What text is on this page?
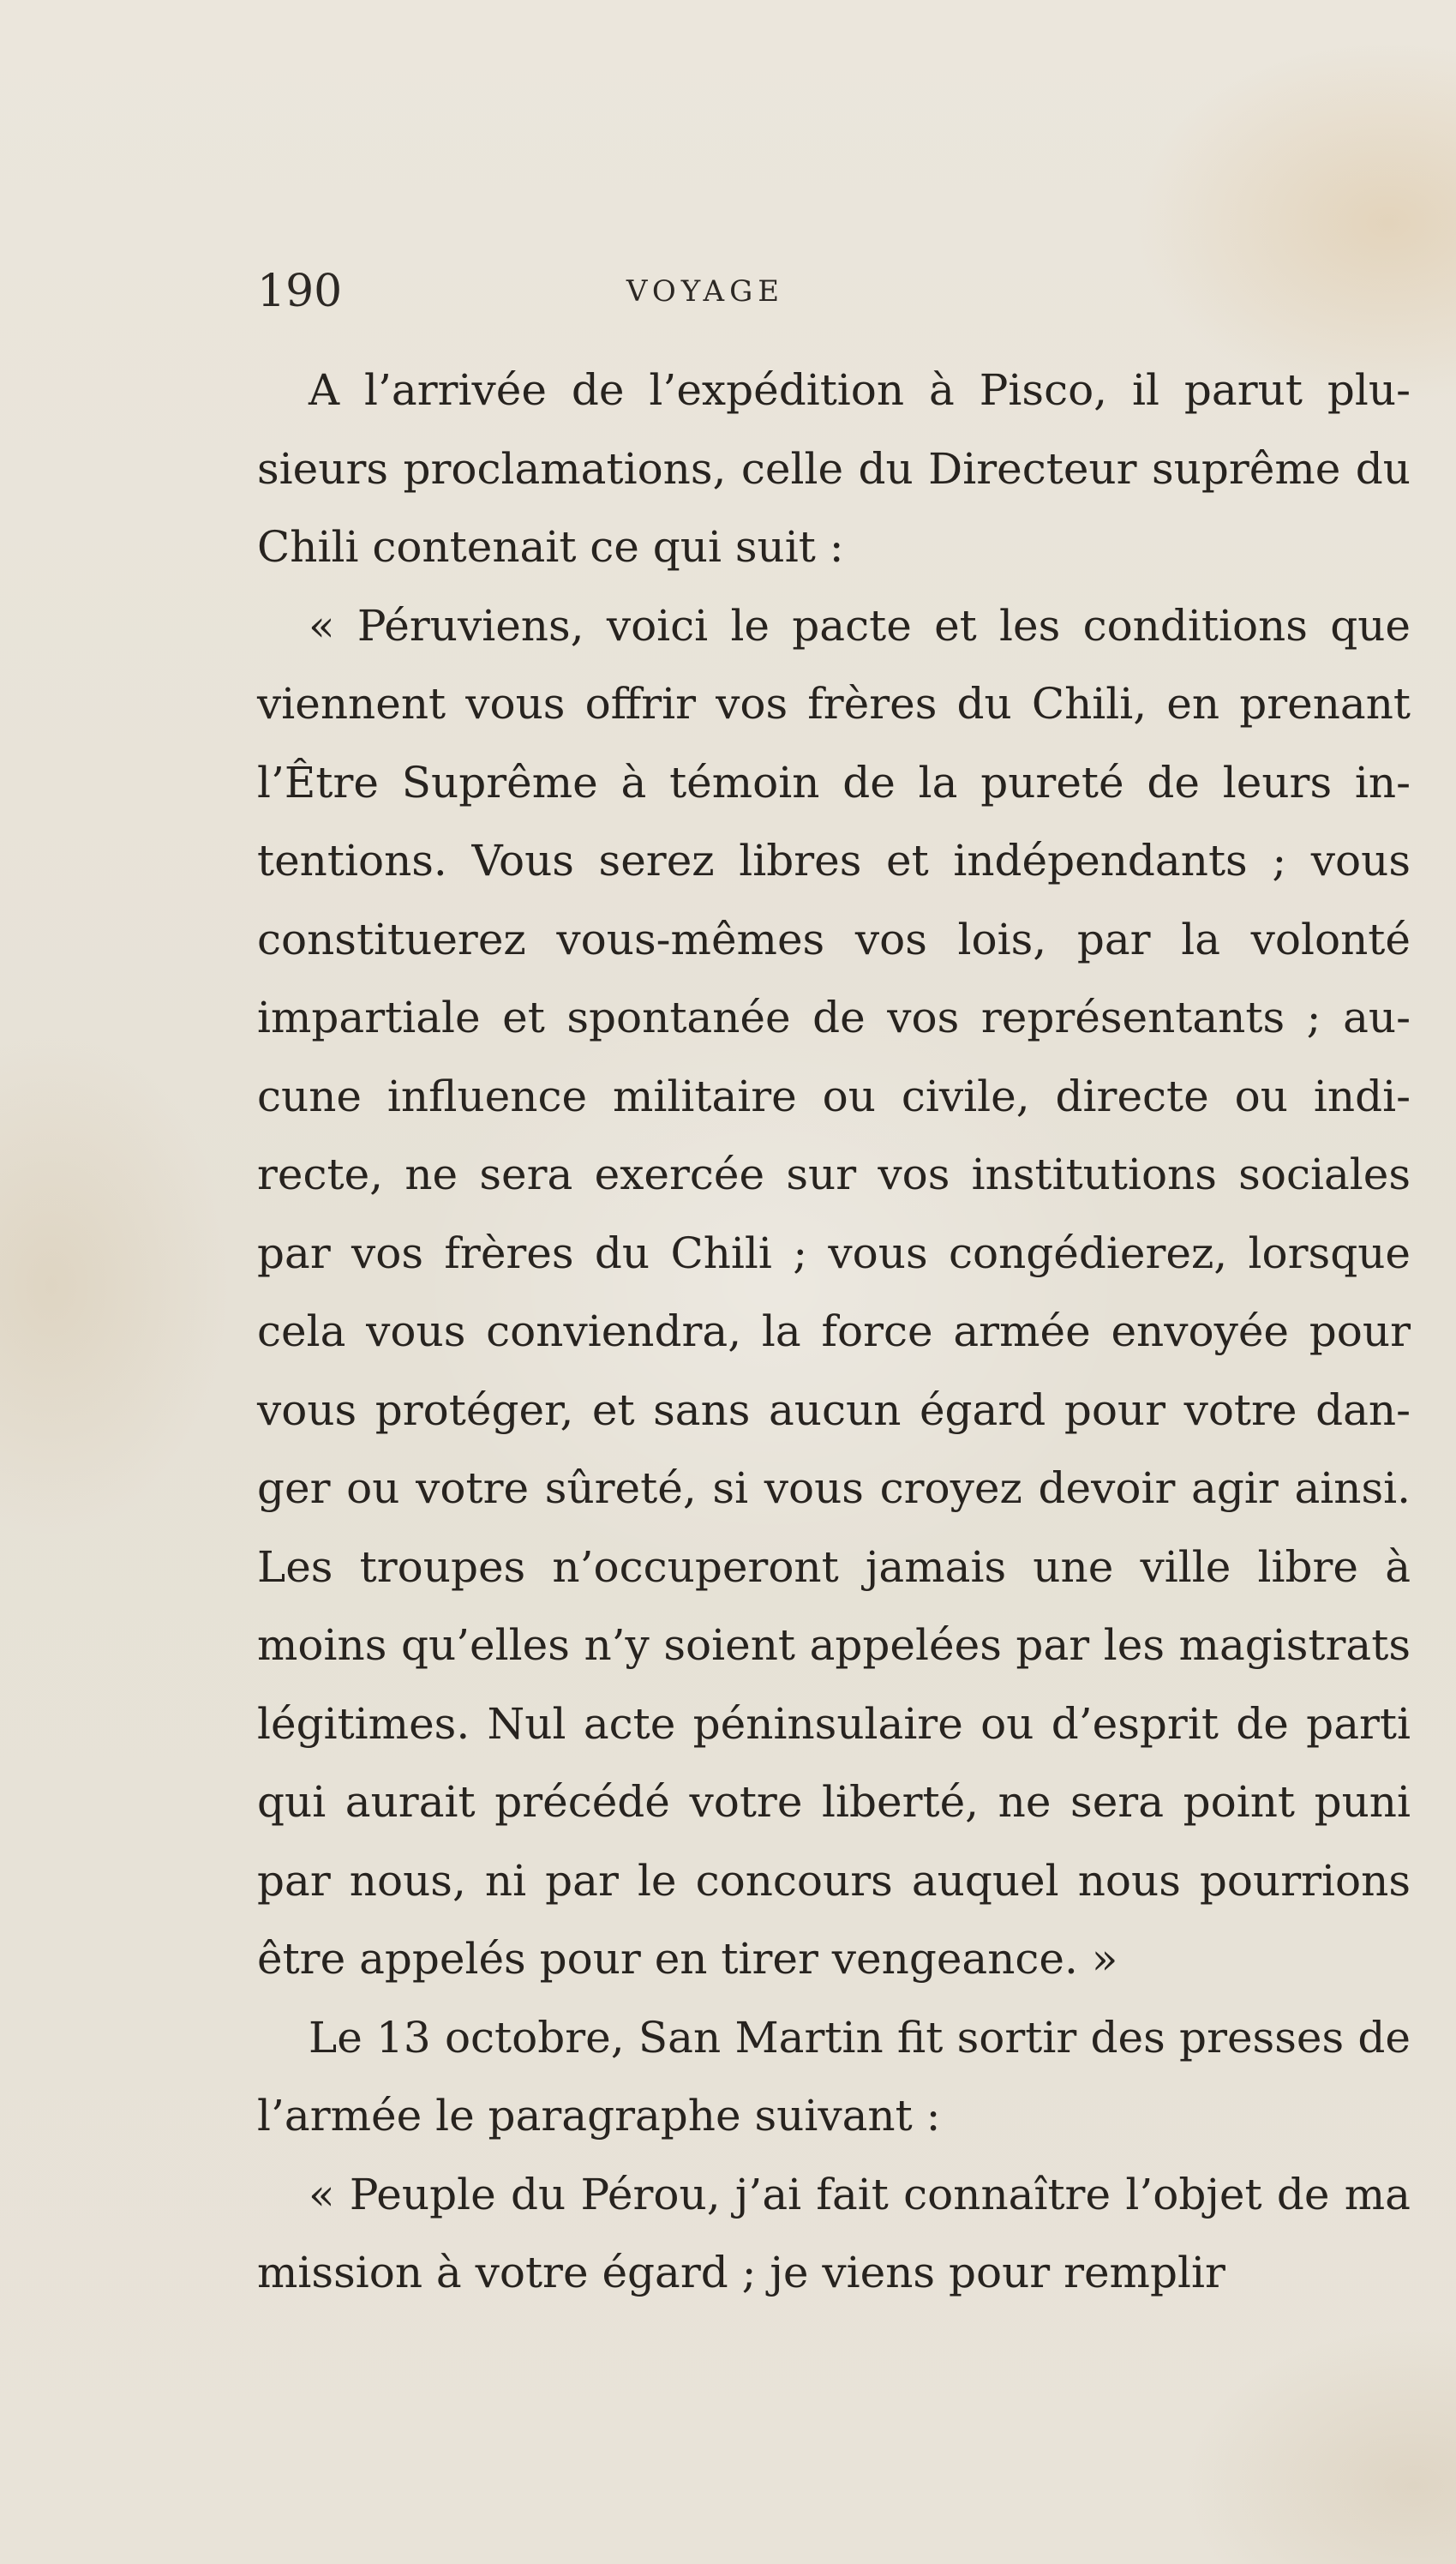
190	VOYAGE

A l’arrivée de l’expédition à Pisco, il parut plusieurs proclamations, celle du Directeur suprême du Chili contenait ce qui suit :

« Péruviens, voici le pacte et les conditions que viennent vous offrir vos frères du Chili, en prenant l’Être Suprême à témoin de la pureté de leurs intentions. Vous serez libres et indépendants ; vous constituerez vous-mêmes vos lois, par la volonté impartiale et spontanée de vos représentants ; aucune influence militaire ou civile, directe ou indirecte, ne sera exercée sur vos institutions sociales par vos frères du Chili ; vous congédierez, lorsque cela vous conviendra, la force armée envoyée pour vous protéger, et sans aucun égard pour votre danger ou votre sûreté, si vous croyez devoir agir ainsi. Les troupes n’occuperont jamais une ville libre à moins qu’elles n’y soient appelées par les magistrats légitimes. Nul acte péninsulaire ou d’esprit de parti qui aurait précédé votre liberté, ne sera point puni par nous, ni par le concours auquel nous pourrions être appelés pour en tirer vengeance. »

Le 13 octobre, San Martin fit sortir des presses de l’armée le paragraphe suivant :

« Peuple du Pérou, j’ai fait connaître l’objet de ma mission à votre égard ; je viens pour remplir
